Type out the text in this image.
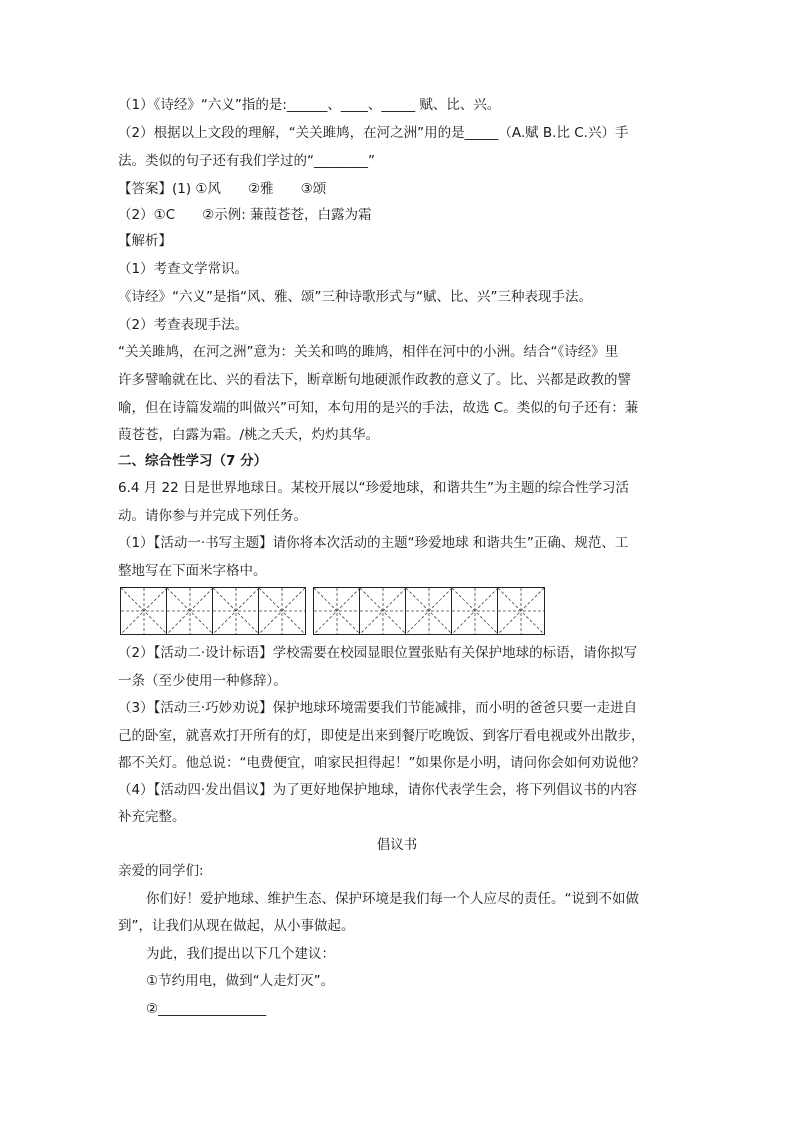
（1）《诗经》“六义”指的是:______、____、_____ 赋、比、兴。
（2）根据以上文段的理解，“关关雎鸠，在河之洲”用的是_____（A.赋 B.比 C.兴）手
法。类似的句子还有我们学过的“________”
【答案】(1) ①风　　②雅　　③颂
（2）①C　　②示例: 蒹葭苍苍，白露为霜
【解析】
（1）考查文学常识。
《诗经》“六义”是指“风、雅、颂”三种诗歌形式与“赋、比、兴”三种表现手法。
（2）考查表现手法。
“关关雎鸠，在河之洲”意为：关关和鸣的雎鸠，相伴在河中的小洲。结合“《诗经》里
许多譬喻就在比、兴的看法下，断章断句地硬派作政教的意义了。比、兴都是政教的譬
喻，但在诗篇发端的叫做兴”可知，本句用的是兴的手法，故选 C。类似的句子还有：蒹
葭苍苍，白露为霜。/桃之夭夭，灼灼其华。
二、综合性学习（7 分）
6.4 月 22 日是世界地球日。某校开展以“珍爱地球，和谐共生”为主题的综合性学习活
动。请你参与并完成下列任务。
（1）【活动一·书写主题】请你将本次活动的主题“珍爱地球 和谐共生”正确、规范、工
整地写在下面米字格中。
（2）【活动二·设计标语】学校需要在校园显眼位置张贴有关保护地球的标语，请你拟写
一条（至少使用一种修辞）。
（3）【活动三·巧妙劝说】保护地球环境需要我们节能减排，而小明的爸爸只要一走进自
己的卧室，就喜欢打开所有的灯，即使是出来到餐厅吃晚饭、到客厅看电视或外出散步，
都不关灯。他总说：“电费便宜，咱家民担得起！”如果你是小明，请问你会如何劝说他？
（4）【活动四·发出倡议】为了更好地保护地球，请你代表学生会，将下列倡议书的内容
补充完整。
倡议书
亲爱的同学们:
你们好！爱护地球、维护生态、保护环境是我们每一个人应尽的责任。“说到不如做
到”，让我们从现在做起，从小事做起。
为此，我们提出以下几个建议：
①节约用电，做到“人走灯灭”。
②________________
